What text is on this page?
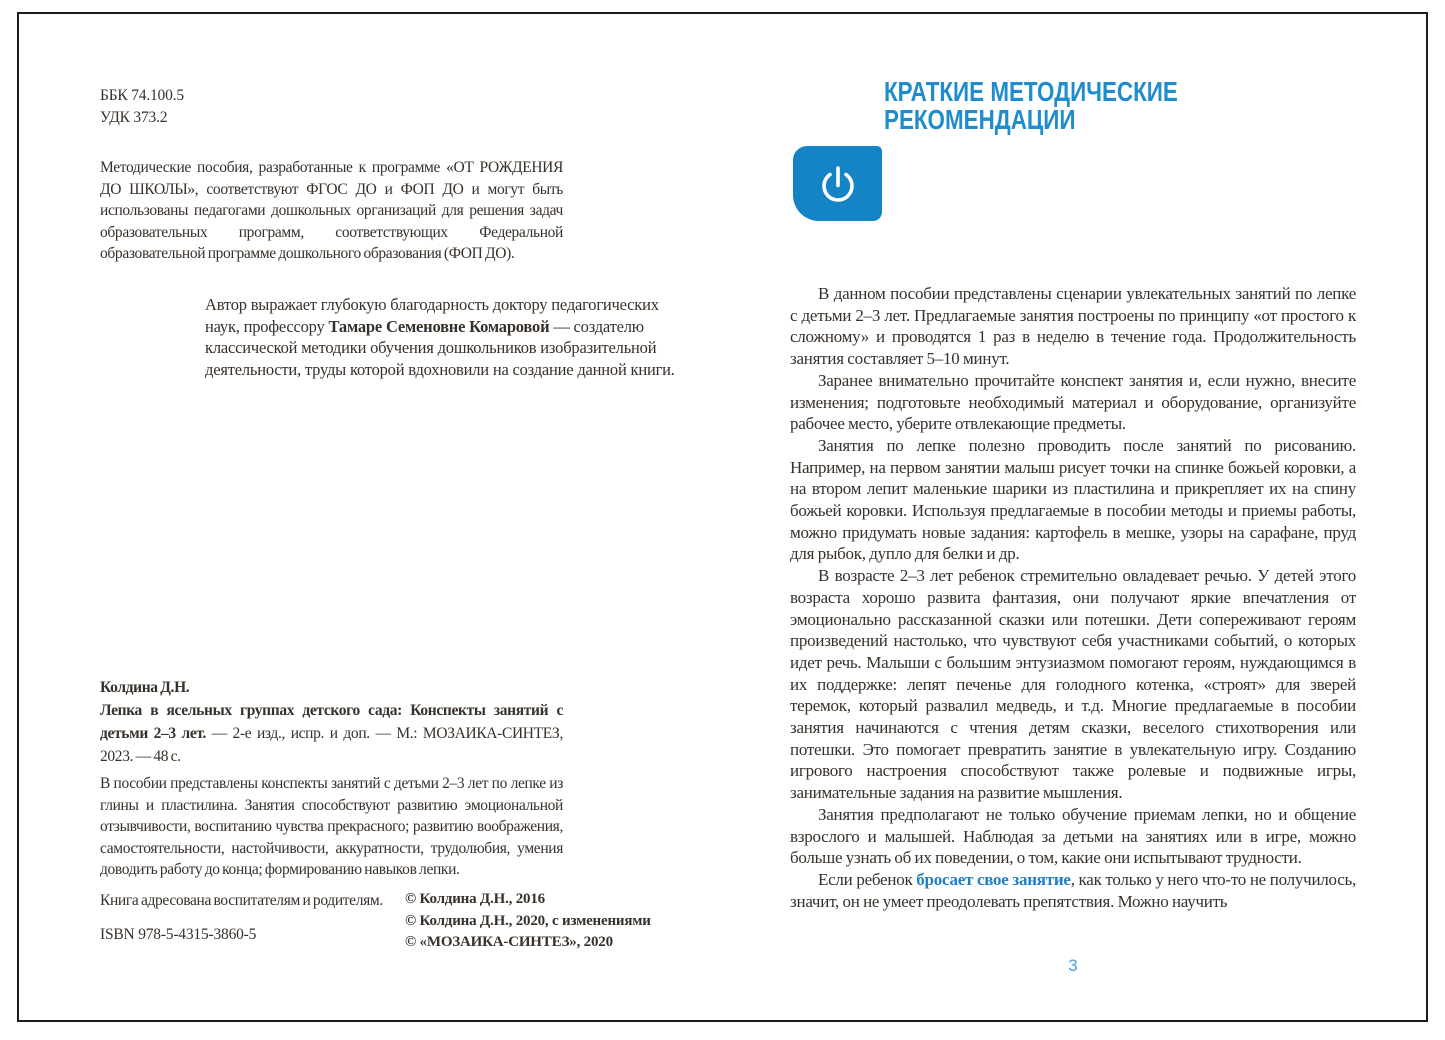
ББК 74.100.5
УДК 373.2

Методические пособия, разработанные к программе «ОТ РОЖДЕНИЯ ДО ШКОЛЫ», соответствуют ФГОС ДО и ФОП ДО и могут быть использованы педагогами дошкольных организаций для решения задач образовательных программ, соответствующих Федеральной образовательной программе дошкольного образования (ФОП ДО).

Автор выражает глубокую благодарность доктору педагогических наук, профессору Тамаре Семеновне Комаровой — создателю классической методики обучения дошкольников изобразительной деятельности, труды которой вдохновили на создание данной книги.

Колдина Д.Н.

Лепка в ясельных группах детского сада: Конспекты занятий с детьми 2–3 лет. — 2-е изд., испр. и доп. — М.: МОЗАИКА-СИНТЕЗ, 2023. — 48 с.

В пособии представлены конспекты занятий с детьми 2–3 лет по лепке из глины и пластилина. Занятия способствуют развитию эмоциональной отзывчивости, воспитанию чувства прекрасного; развитию воображения, самостоятельности, настойчивости, аккуратности, трудолюбия, умения доводить работу до конца; формированию навыков лепки.

Книга адресована воспитателям и родителям.

ISBN 978-5-4315-3860-5
© Колдина Д.Н., 2016
© Колдина Д.Н., 2020, с изменениями
© «МОЗАИКА-СИНТЕЗ», 2020
КРАТКИЕ МЕТОДИЧЕСКИЕ
РЕКОМЕНДАЦИИ

В данном пособии представлены сценарии увлекательных занятий по лепке с детьми 2–3 лет. Предлагаемые занятия построены по принципу «от простого к сложному» и проводятся 1 раз в неделю в течение года. Продолжительность занятия составляет 5–10 минут.

Заранее внимательно прочитайте конспект занятия и, если нужно, внесите изменения; подготовьте необходимый материал и оборудование, организуйте рабочее место, уберите отвлекающие предметы.

Занятия по лепке полезно проводить после занятий по рисованию. Например, на первом занятии малыш рисует точки на спинке божьей коровки, а на втором лепит маленькие шарики из пластилина и прикрепляет их на спину божьей коровки. Используя предлагаемые в пособии методы и приемы работы, можно придумать новые задания: картофель в мешке, узоры на сарафане, пруд для рыбок, дупло для белки и др.

В возрасте 2–3 лет ребенок стремительно овладевает речью. У детей этого возраста хорошо развита фантазия, они получают яркие впечатления от эмоционально рассказанной сказки или потешки. Дети сопереживают героям произведений настолько, что чувствуют себя участниками событий, о которых идет речь. Малыши с большим энтузиазмом помогают героям, нуждающимся в их поддержке: лепят печенье для голодного котенка, «строят» для зверей теремок, который развалил медведь, и т.д. Многие предлагаемые в пособии занятия начинаются с чтения детям сказки, веселого стихотворения или потешки. Это помогает превратить занятие в увлекательную игру. Созданию игрового настроения способствуют также ролевые и подвижные игры, занимательные задания на развитие мышления.

Занятия предполагают не только обучение приемам лепки, но и общение взрослого и малышей. Наблюдая за детьми на занятиях или в игре, можно больше узнать об их поведении, о том, какие они испытывают трудности.

Если ребенок бросает свое занятие, как только у него что-то не получилось, значит, он не умеет преодолевать препятствия. Можно научить

3
